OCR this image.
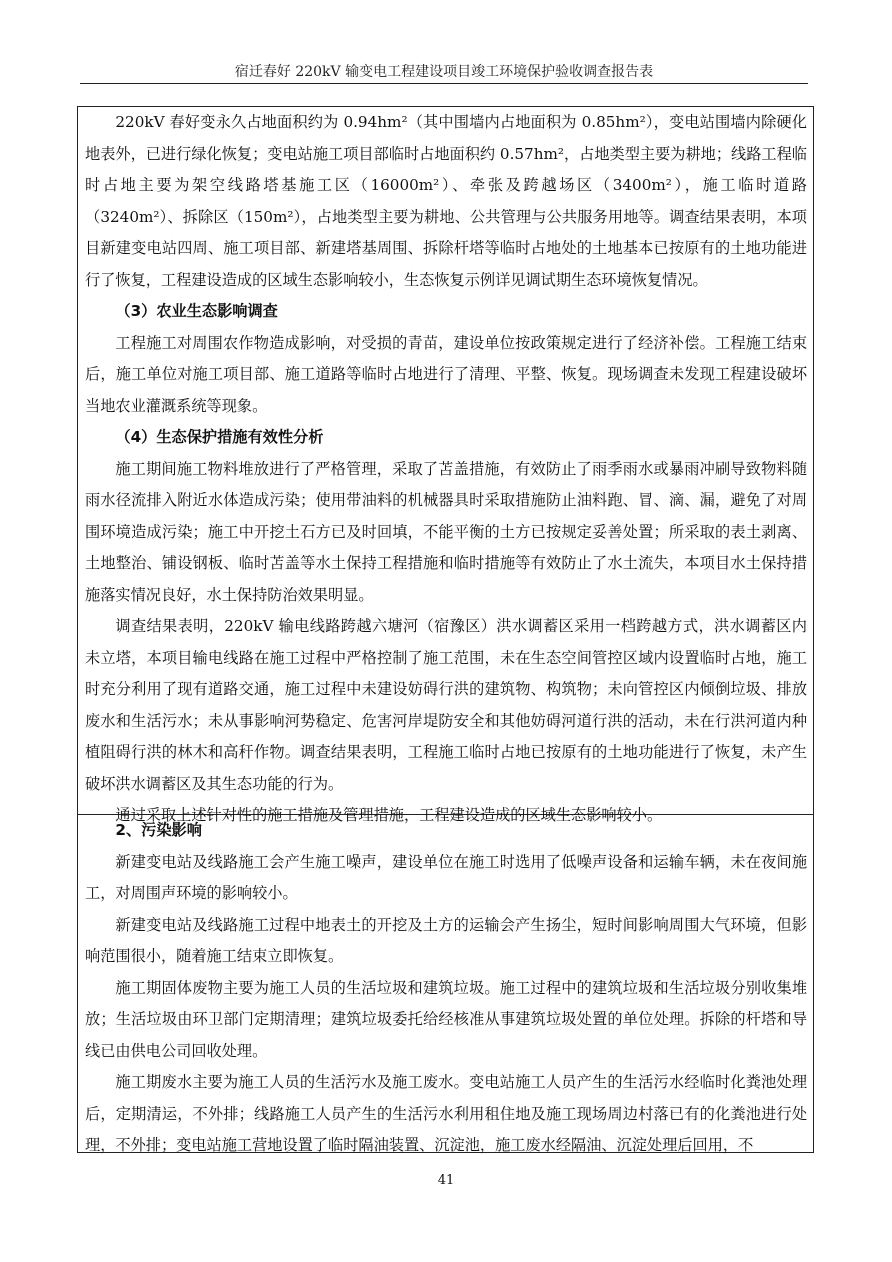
宿迁春好 220kV 输变电工程建设项目竣工环境保护验收调查报告表

220kV 春好变永久占地面积约为 0.94hm²（其中围墙内占地面积为 0.85hm²），变电站围墙内除硬化地表外，已进行绿化恢复；变电站施工项目部临时占地面积约 0.57hm²，占地类型主要为耕地；线路工程临时占地主要为架空线路塔基施工区（16000m²）、牵张及跨越场区（3400m²），施工临时道路（3240m²）、拆除区（150m²），占地类型主要为耕地、公共管理与公共服务用地等。调查结果表明，本项目新建变电站四周、施工项目部、新建塔基周围、拆除杆塔等临时占地处的土地基本已按原有的土地功能进行了恢复，工程建设造成的区域生态影响较小，生态恢复示例详见调试期生态环境恢复情况。

（3）农业生态影响调查

工程施工对周围农作物造成影响，对受损的青苗，建设单位按政策规定进行了经济补偿。工程施工结束后，施工单位对施工项目部、施工道路等临时占地进行了清理、平整、恢复。现场调查未发现工程建设破坏当地农业灌溉系统等现象。

（4）生态保护措施有效性分析

施工期间施工物料堆放进行了严格管理，采取了苫盖措施，有效防止了雨季雨水或暴雨冲刷导致物料随雨水径流排入附近水体造成污染；使用带油料的机械器具时采取措施防止油料跑、冒、滴、漏，避免了对周围环境造成污染；施工中开挖土石方已及时回填，不能平衡的土方已按规定妥善处置；所采取的表土剥离、土地整治、铺设钢板、临时苫盖等水土保持工程措施和临时措施等有效防止了水土流失，本项目水土保持措施落实情况良好，水土保持防治效果明显。

调查结果表明，220kV 输电线路跨越六塘河（宿豫区）洪水调蓄区采用一档跨越方式，洪水调蓄区内未立塔，本项目输电线路在施工过程中严格控制了施工范围，未在生态空间管控区域内设置临时占地，施工时充分利用了现有道路交通，施工过程中未建设妨碍行洪的建筑物、构筑物；未向管控区内倾倒垃圾、排放废水和生活污水；未从事影响河势稳定、危害河岸堤防安全和其他妨碍河道行洪的活动，未在行洪河道内种植阻碍行洪的林木和高秆作物。调查结果表明，工程施工临时占地已按原有的土地功能进行了恢复，未产生破坏洪水调蓄区及其生态功能的行为。

通过采取上述针对性的施工措施及管理措施，工程建设造成的区域生态影响较小。

2、污染影响

新建变电站及线路施工会产生施工噪声，建设单位在施工时选用了低噪声设备和运输车辆，未在夜间施工，对周围声环境的影响较小。

新建变电站及线路施工过程中地表土的开挖及土方的运输会产生扬尘，短时间影响周围大气环境，但影响范围很小，随着施工结束立即恢复。

施工期固体废物主要为施工人员的生活垃圾和建筑垃圾。施工过程中的建筑垃圾和生活垃圾分别收集堆放；生活垃圾由环卫部门定期清理；建筑垃圾委托给经核准从事建筑垃圾处置的单位处理。拆除的杆塔和导线已由供电公司回收处理。

施工期废水主要为施工人员的生活污水及施工废水。变电站施工人员产生的生活污水经临时化粪池处理后，定期清运，不外排；线路施工人员产生的生活污水利用租住地及施工现场周边村落已有的化粪池进行处理，不外排；变电站施工营地设置了临时隔油装置、沉淀池，施工废水经隔油、沉淀处理后回用，不

41
